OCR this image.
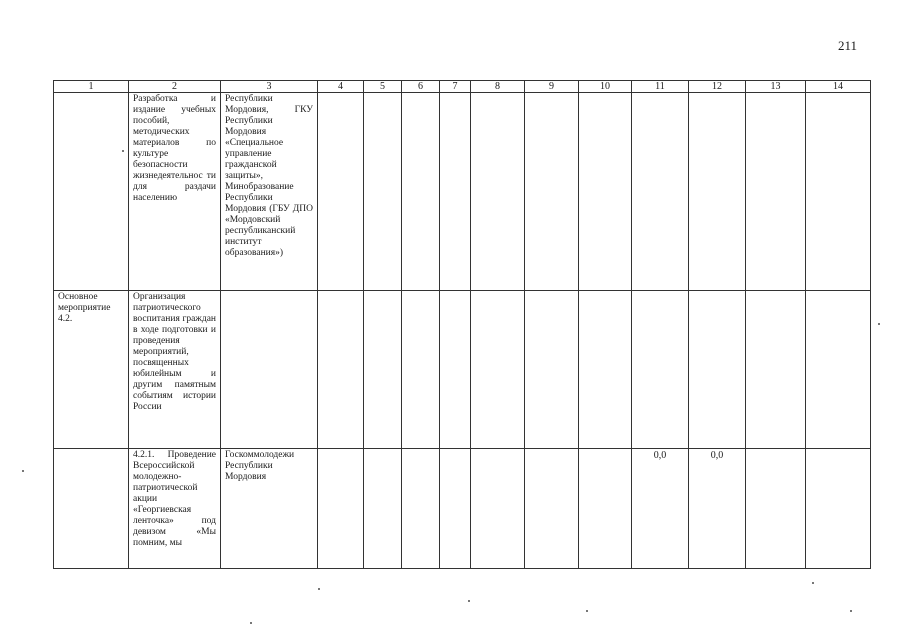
211
1	2	3	4	5	6	7	8	9	10	11	12	13	14
	Разработка и издание учебных пособий, методических материалов по культуре безопасности жизнедеятельнос ти для раздачи населению	Республики Мордовия, ГКУ Республики Мордовия «Специальное управление гражданской защиты», Минобразование Республики Мордовия (ГБУ ДПО «Мордовский республиканский институт образования»)											
Основное мероприятие 4.2.	Организация патриотического воспитания граждан в ходе подготовки и проведения мероприятий, посвященных юбилейным и другим памятным событиям истории России												
	4.2.1. Проведение Всероссийской молодежно-патриотической акции «Георгиевская ленточка» под девизом «Мы помним, мы	Госкоммолодежи Республики Мордовия								0,0	0,0		
